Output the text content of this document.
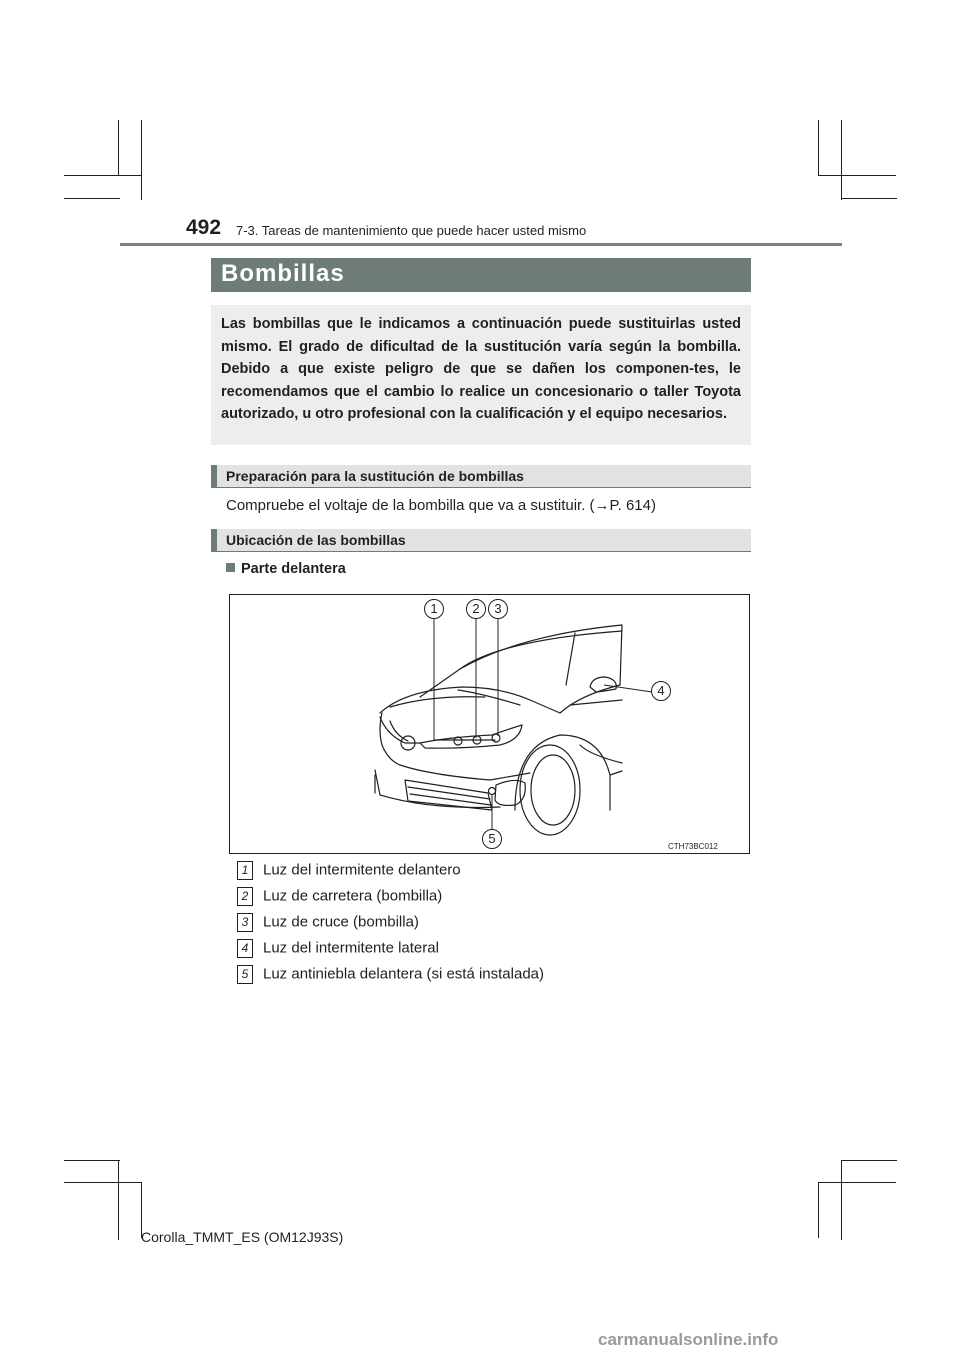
492 7-3. Tareas de mantenimiento que puede hacer usted mismo
Bombillas

Las bombillas que le indicamos a continuación puede sustituirlas usted mismo. El grado de dificultad de la sustitución varía según la bombilla. Debido a que existe peligro de que se dañen los componen-tes, le recomendamos que el cambio lo realice un concesionario o taller Toyota autorizado, u otro profesional con la cualificación y el equipo necesarios.

Preparación para la sustitución de bombillas
Compruebe el voltaje de la bombilla que va a sustituir. (→P. 614)
Ubicación de las bombillas
Parte delantera
1	2	3
4
5
CTH73BC012
1 Luz del intermitente delantero
2 Luz de carretera (bombilla)
3 Luz de cruce (bombilla)
4 Luz del intermitente lateral
5 Luz antiniebla delantera (si está instalada)
Corolla_TMMT_ES (OM12J93S)
carmanualsonline.info
